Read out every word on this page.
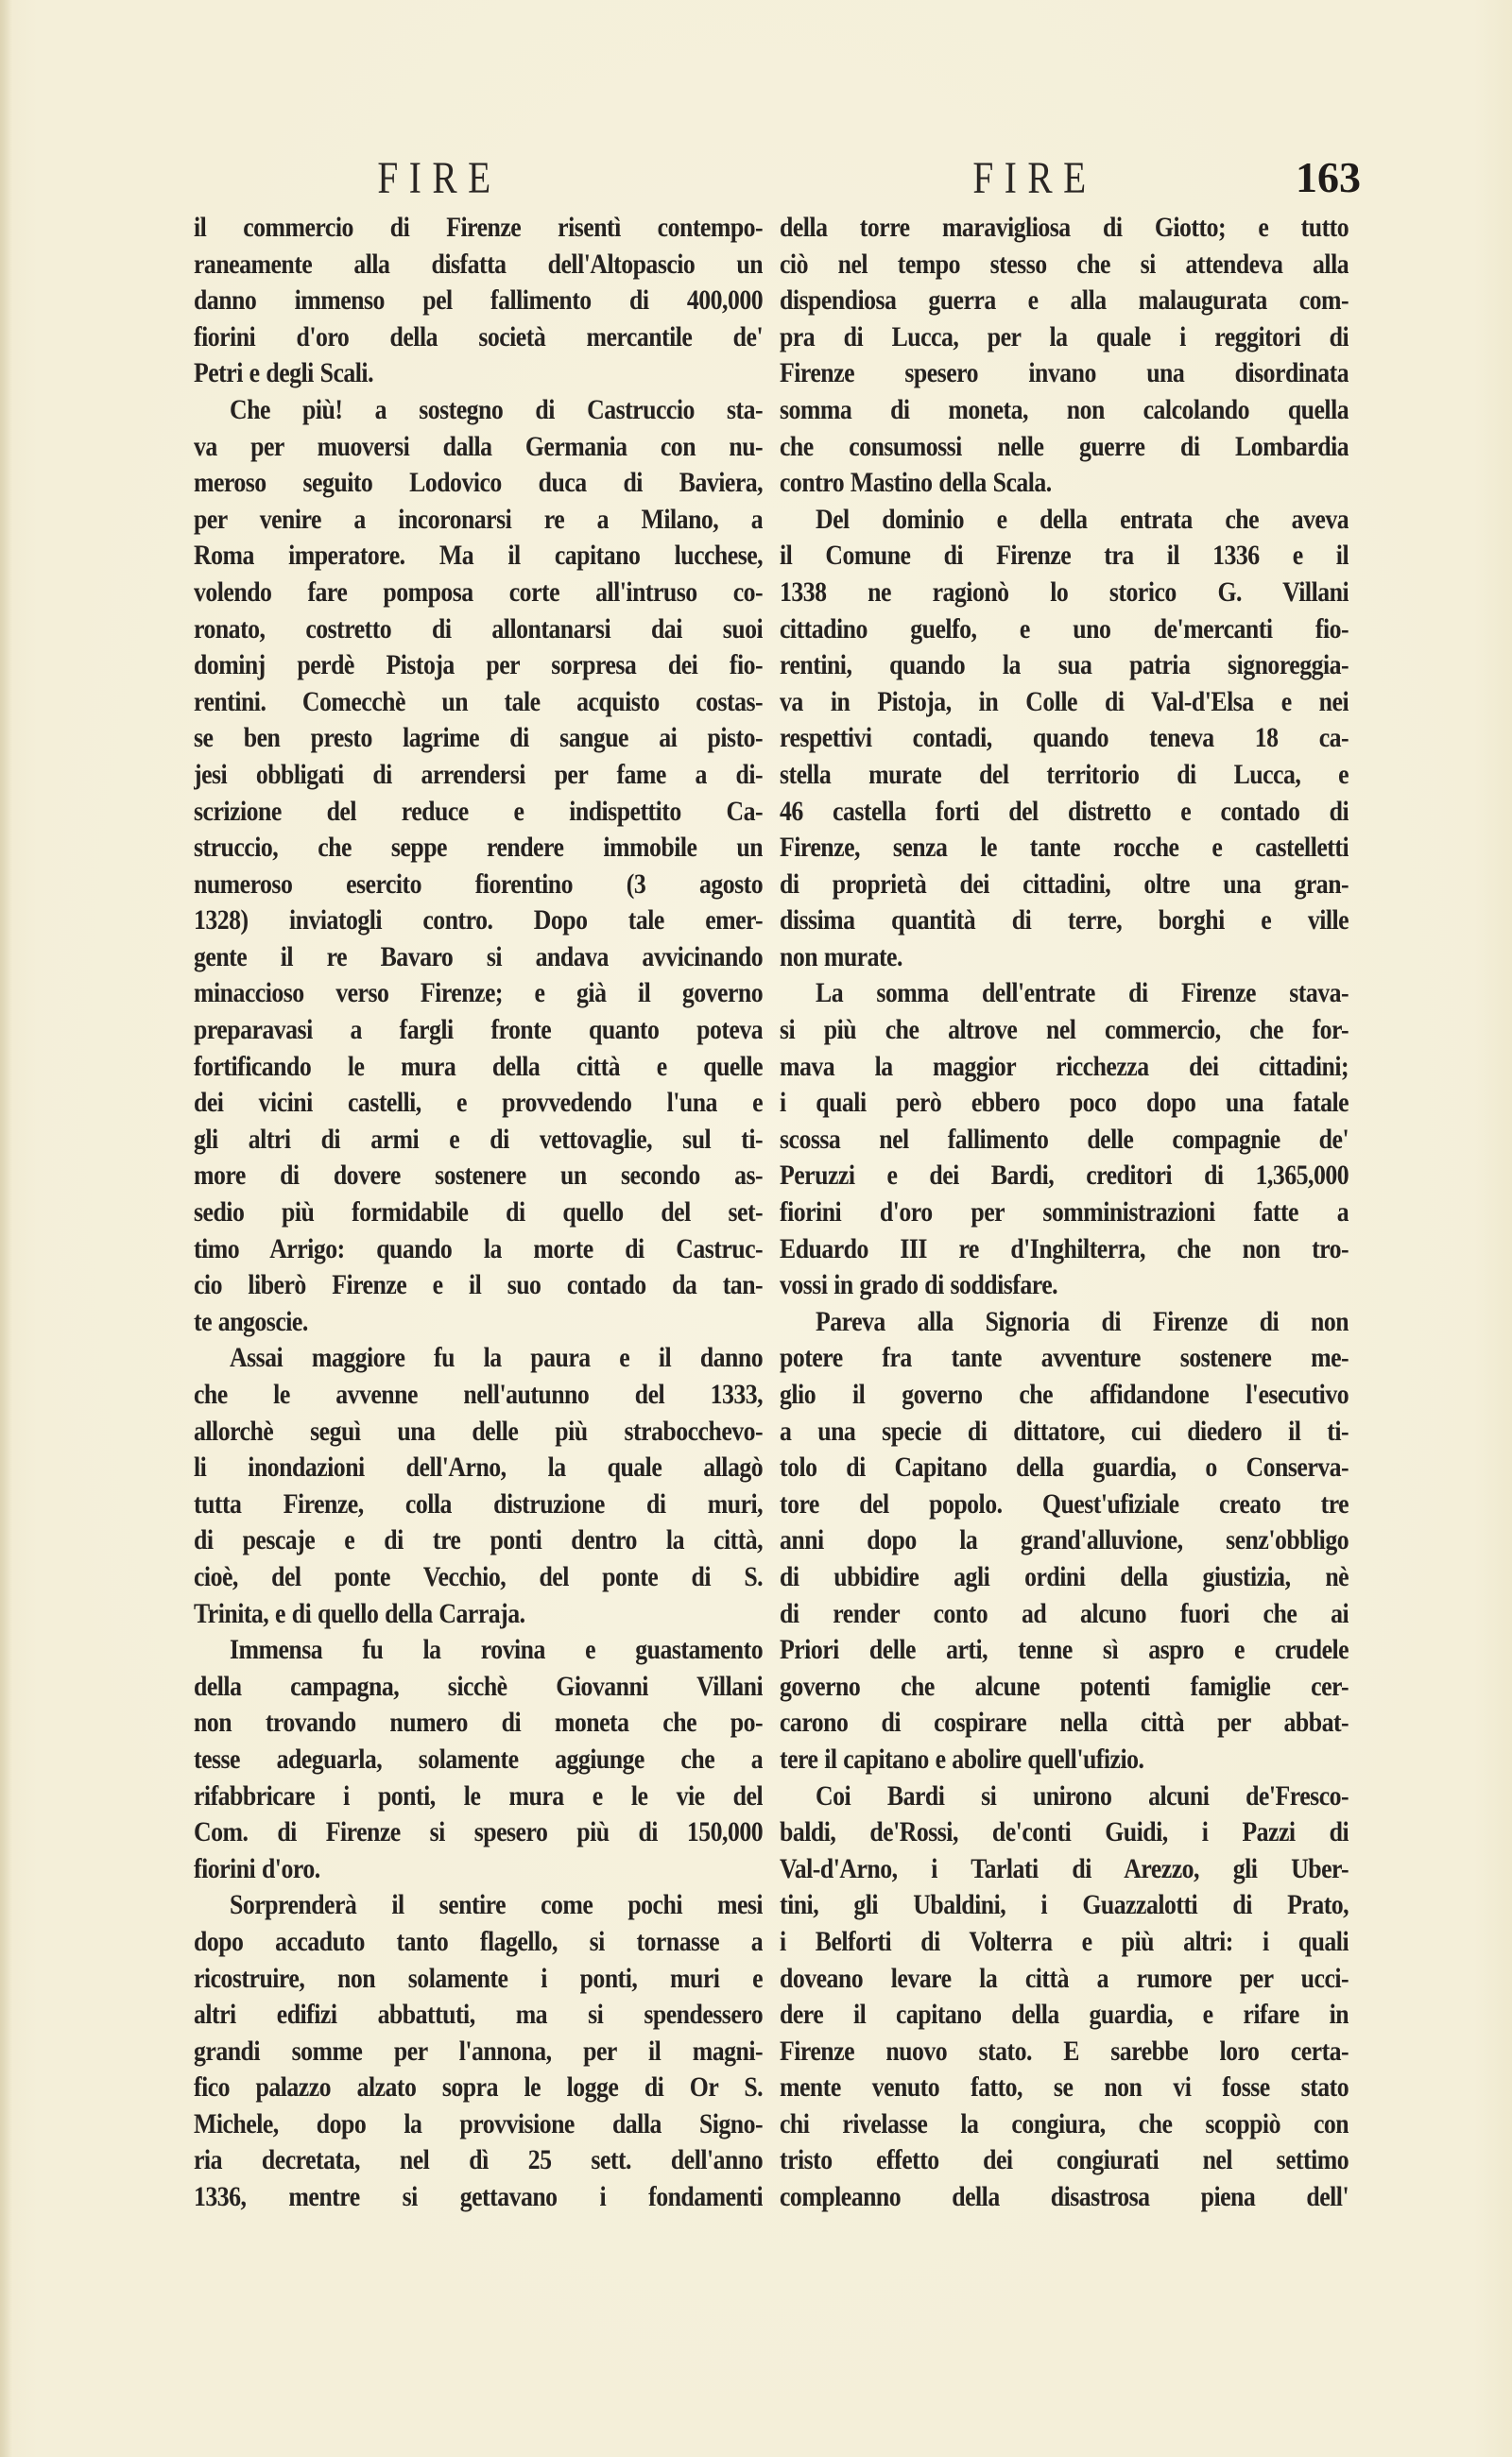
FIRE	FIRE	163
il commercio di Firenze risentì contempo-
raneamente alla disfatta dell'Altopascio un
danno immenso pel fallimento di 400,000
fiorini d'oro della società mercantile de'
Petri e degli Scali.
Che più! a sostegno di Castruccio sta-
va per muoversi dalla Germania con nu-
meroso seguito Lodovico duca di Baviera,
per venire a incoronarsi re a Milano, a
Roma imperatore. Ma il capitano lucchese,
volendo fare pomposa corte all'intruso co-
ronato, costretto di allontanarsi dai suoi
dominj perdè Pistoja per sorpresa dei fio-
rentini. Comecchè un tale acquisto costas-
se ben presto lagrime di sangue ai pisto-
jesi obbligati di arrendersi per fame a di-
scrizione del reduce e indispettito Ca-
struccio, che seppe rendere immobile un
numeroso esercito fiorentino (3 agosto
1328) inviatogli contro. Dopo tale emer-
gente il re Bavaro si andava avvicinando
minaccioso verso Firenze; e già il governo
preparavasi a fargli fronte quanto poteva
fortificando le mura della città e quelle
dei vicini castelli, e provvedendo l'una e
gli altri di armi e di vettovaglie, sul ti-
more di dovere sostenere un secondo as-
sedio più formidabile di quello del set-
timo Arrigo: quando la morte di Castruc-
cio liberò Firenze e il suo contado da tan-
te angoscie.
Assai maggiore fu la paura e il danno
che le avvenne nell'autunno del 1333,
allorchè seguì una delle più strabocchevo-
li inondazioni dell'Arno, la quale allagò
tutta Firenze, colla distruzione di muri,
di pescaje e di tre ponti dentro la città,
cioè, del ponte Vecchio, del ponte di S.
Trinita, e di quello della Carraja.
Immensa fu la rovina e guastamento
della campagna, sicchè Giovanni Villani
non trovando numero di moneta che po-
tesse adeguarla, solamente aggiunge che a
rifabbricare i ponti, le mura e le vie del
Com. di Firenze si spesero più di 150,000
fiorini d'oro.
Sorprenderà il sentire come pochi mesi
dopo accaduto tanto flagello, si tornasse a
ricostruire, non solamente i ponti, muri e
altri edifizi abbattuti, ma si spendessero
grandi somme per l'annona, per il magni-
fico palazzo alzato sopra le logge di Or S.
Michele, dopo la provvisione dalla Signo-
ria decretata, nel dì 25 sett. dell'anno
1336, mentre si gettavano i fondamenti
della torre maravigliosa di Giotto; e tutto
ciò nel tempo stesso che si attendeva alla
dispendiosa guerra e alla malaugurata com-
pra di Lucca, per la quale i reggitori di
Firenze spesero invano una disordinata
somma di moneta, non calcolando quella
che consumossi nelle guerre di Lombardia
contro Mastino della Scala.
Del dominio e della entrata che aveva
il Comune di Firenze tra il 1336 e il
1338 ne ragionò lo storico G. Villani
cittadino guelfo, e uno de'mercanti fio-
rentini, quando la sua patria signoreggia-
va in Pistoja, in Colle di Val-d'Elsa e nei
respettivi contadi, quando teneva 18 ca-
stella murate del territorio di Lucca, e
46 castella forti del distretto e contado di
Firenze, senza le tante rocche e castelletti
di proprietà dei cittadini, oltre una gran-
dissima quantità di terre, borghi e ville
non murate.
La somma dell'entrate di Firenze stava-
si più che altrove nel commercio, che for-
mava la maggior ricchezza dei cittadini;
i quali però ebbero poco dopo una fatale
scossa nel fallimento delle compagnie de'
Peruzzi e dei Bardi, creditori di 1,365,000
fiorini d'oro per somministrazioni fatte a
Eduardo III re d'Inghilterra, che non tro-
vossi in grado di soddisfare.
Pareva alla Signoria di Firenze di non
potere fra tante avventure sostenere me-
glio il governo che affidandone l'esecutivo
a una specie di dittatore, cui diedero il ti-
tolo di Capitano della guardia, o Conserva-
tore del popolo. Quest'ufiziale creato tre
anni dopo la grand'alluvione, senz'obbligo
di ubbidire agli ordini della giustizia, nè
di render conto ad alcuno fuori che ai
Priori delle arti, tenne sì aspro e crudele
governo che alcune potenti famiglie cer-
carono di cospirare nella città per abbat-
tere il capitano e abolire quell'ufizio.
Coi Bardi si unirono alcuni de'Fresco-
baldi, de'Rossi, de'conti Guidi, i Pazzi di
Val-d'Arno, i Tarlati di Arezzo, gli Uber-
tini, gli Ubaldini, i Guazzalotti di Prato,
i Belforti di Volterra e più altri: i quali
doveano levare la città a rumore per ucci-
dere il capitano della guardia, e rifare in
Firenze nuovo stato. E sarebbe loro certa-
mente venuto fatto, se non vi fosse stato
chi rivelasse la congiura, che scoppiò con
tristo effetto dei congiurati nel settimo
compleanno della disastrosa piena dell'
